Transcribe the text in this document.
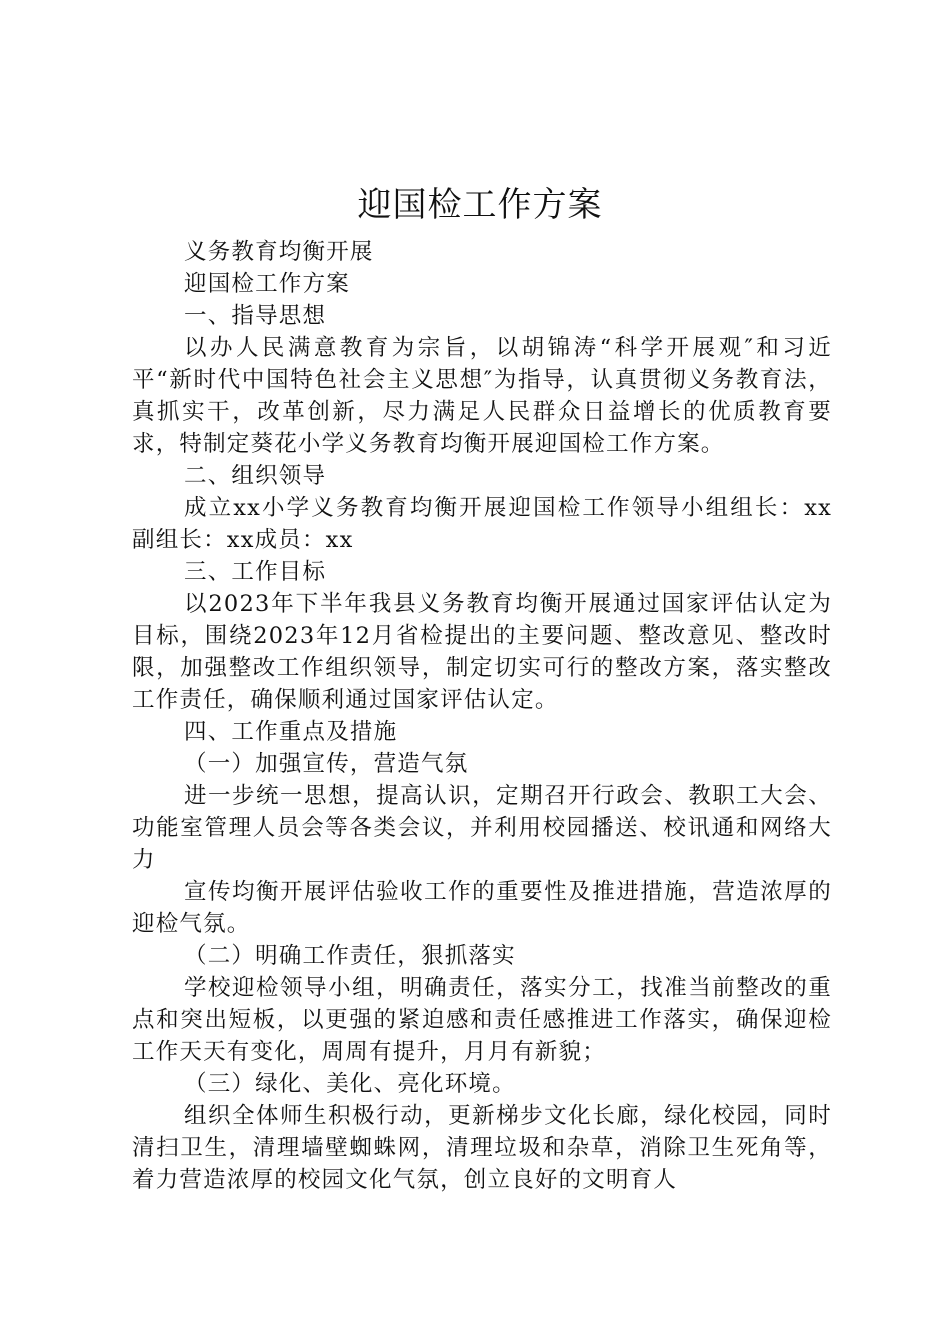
迎国检工作方案

义务教育均衡开展

迎国检工作方案

一、指导思想

以办人民满意教育为宗旨，以胡锦涛“科学开展观″和习近平“新时代中国特色社会主义思想″为指导，认真贯彻义务教育法，真抓实干，改革创新，尽力满足人民群众日益增长的优质教育要求，特制定葵花小学义务教育均衡开展迎国检工作方案。

二、组织领导

成立xx小学义务教育均衡开展迎国检工作领导小组组长：xx副组长：xx成员：xx

三、工作目标

以2023年下半年我县义务教育均衡开展通过国家评估认定为目标，围绕2023年12月省检提出的主要问题、整改意见、整改时限，加强整改工作组织领导，制定切实可行的整改方案，落实整改工作责任，确保顺利通过国家评估认定。

四、工作重点及措施

（一）加强宣传，营造气氛

进一步统一思想，提高认识，定期召开行政会、教职工大会、功能室管理人员会等各类会议，并利用校园播送、校讯通和网络大力

宣传均衡开展评估验收工作的重要性及推进措施，营造浓厚的迎检气氛。

（二）明确工作责任，狠抓落实

学校迎检领导小组，明确责任，落实分工，找准当前整改的重点和突出短板，以更强的紧迫感和责任感推进工作落实，确保迎检工作天天有变化，周周有提升，月月有新貌；

（三）绿化、美化、亮化环境。

组织全体师生积极行动，更新梯步文化长廊，绿化校园，同时清扫卫生，清理墙壁蜘蛛网，清理垃圾和杂草，消除卫生死角等，着力营造浓厚的校园文化气氛，创立良好的文明育人
